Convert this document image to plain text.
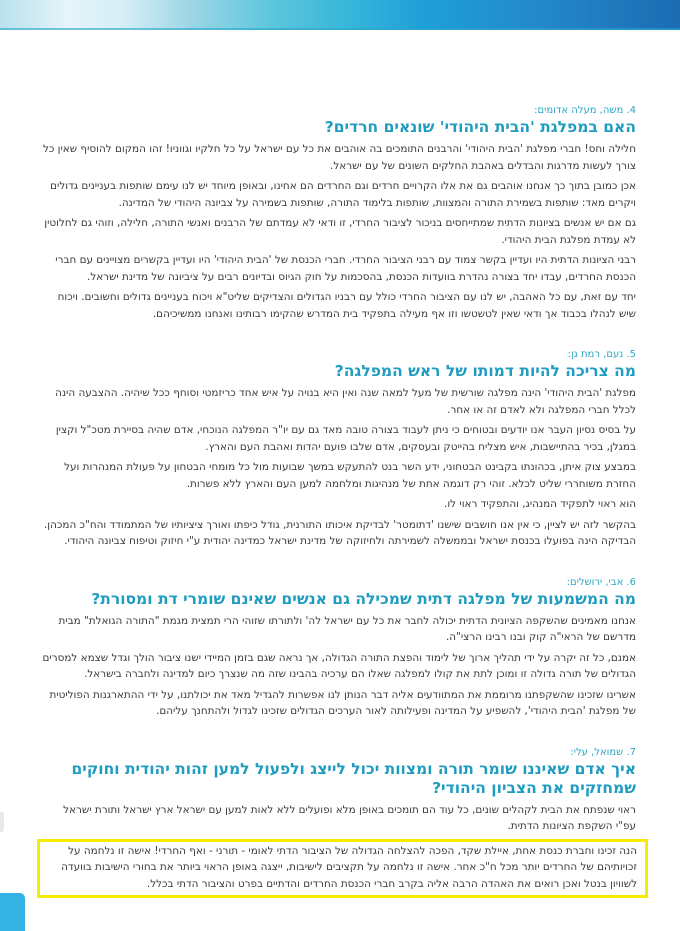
4. משה, מעלה אדומים:
האם במפלגת 'הבית היהודי' שונאים חרדים?

חלילה וחס! חברי מפלגת 'הבית היהודי' והרבנים התומכים בה אוהבים את כל עם ישראל על כל חלקיו וגווניו! זהו המקום להוסיף שאין כל צורך לעשות מדרגות והבדלים באהבת החלקים השונים של עם ישראל.

אכן כמובן בתוך כך אנחנו אוהבים גם את אלו הקרויים חרדים וגם החרדים הם אחינו, ובאופן מיוחד יש לנו עימם שותפות בעניינים גדולים ויקרים מאד: שותפות בשמירת התורה והמצוות, שותפות בלימוד התורה, שותפות בשמירה על צביונה היהודי של המדינה.

גם אם יש אנשים בציונות הדתית שמתייחסים בניכור לציבור החרדי, זו ודאי לא עמדתם של הרבנים ואנשי התורה, חלילה, וזוהי גם לחלוטין לא עמדת מפלגת הבית היהודי.

רבני הציונות הדתית היו ועדיין בקשר צמוד עם רבני הציבור החרדי. חברי הכנסת של 'הבית היהודי' היו ועדיין בקשרים מצויינים עם חברי הכנסת החרדים, עבדו יחד בצורה נהדרת בוועדות הכנסת, בהסכמות על חוק הגיוס ובדיונים רבים על ציביונה של מדינת ישראל.

יחד עם זאת, עם כל האהבה, יש לנו עם הציבור החרדי כולל עם רבניו הגדולים והצדיקים שליט"א ויכוח בעניינים גדולים וחשובים. ויכוח שיש לנהלו בכבוד אך ודאי שאין לטשטשו וזו אף מעילה בתפקיד בית המדרש שהקימו רבותינו ואנחנו ממשיכיהם.

5. נעם, רמת גן:
מה צריכה להיות דמותו של ראש המפלגה?

מפלגת 'הבית היהודי' הינה מפלגה שורשית של מעל למאה שנה ואין היא בנויה על איש אחד כריזמטי וסוחף ככל שיהיה. ההצבעה הינה לכלל חברי המפלגה ולא לאדם זה או אחר.

על בסיס נסיון העבר אנו יודעים ובטוחים כי ניתן לעבוד בצורה טובה מאד גם עם יו"ר המפלגה הנוכחי, אדם שהיה בסיירת מטכ"ל וקצין במגלן, בכיר בהתיישבות, איש מצליח בהייטק ובעסקים, אדם שלבו פועם יהדות ואהבת העם והארץ.

במבצע צוק איתן, בכהונתו בקבינט הבטחוני, ידע השר בנט להתעקש במשך שבועות מול כל מומחי הבטחון על פעולת המנהרות ועל החזרת משוחררי שליט לכלא. זוהי רק דוגמה אחת של מנהיגות ומלחמה למען העם והארץ ללא פשרות.

הוא ראוי לתפקיד המנהיג, והתפקיד ראוי לו.

בהקשר לזה יש לציין, כי אין אנו חושבים שישנו 'דתומטר' לבדיקת איכותו התורנית, גודל כיפתו ואורך ציציותיו של המתמודד והח"כ המכהן. הבדיקה הינה בפועלו בכנסת ישראל ובממשלה לשמירתה ולחיזוקה של מדינת ישראל כמדינה יהודית ע"י חיזוק וטיפוח צביונה היהודי.

6. אבי, ירושלים:
מה המשמעות של מפלגה דתית שמכילה גם אנשים שאינם שומרי דת ומסורת?

אנחנו מאמינים שהשקפה הציונית הדתית יכולה לחבר את כל עם ישראל לה' ולתורתו שזוהי הרי תמצית מגמת "התורה הגואלת" מבית מדרשם של הראי"ה קוק ובנו רבינו הרצי"ה.

אמנם, כל זה יקרה על ידי תהליך ארוך של לימוד והפצת התורה הגדולה, אך נראה שגם בזמן המיידי ישנו ציבור הולך וגדל שצמא למסרים הגדולים של תורה גדולה זו ומוכן לתת את קולו למפלגה שאלו הם ערכיה בהבינו שזה מה שנצרך כיום למדינה ולחברה בישראל.

אשרינו שזכינו שהשקפתנו מרוממת את המתוודעים אליה דבר הנותן לנו אפשרות להגדיל מאד את יכולתנו, על ידי ההתארגנות הפוליטית של מפלגת 'הבית היהודי', להשפיע על המדינה ופעילותה לאור הערכים הגדולים שזכינו לגדול ולהתחנך עליהם.

7. שמואל, עלי:
איך אדם שאיננו שומר תורה ומצוות יכול לייצג ולפעול למען זהות יהודית וחוקים שמחזקים את הצביון היהודי?

ראוי שנפתח את הבית לקהלים שונים, כל עוד הם תומכים באופן מלא ופועלים ללא לאות למען עם ישראל ארץ ישראל ותורת ישראל עפ"י השקפת הציונות הדתית.

הנה זכינו וחברת כנסת אחת, איילת שקד, הפכה להצלחה הגדולה של הציבור הדתי לאומי - תורני - ואף החרדי! אישה זו נלחמה על זכויותיהם של החרדים יותר מכל ח"כ אחר. אישה זו נלחמה על תקציבים לישיבות, ייצגה באופן הראוי ביותר את בחורי הישיבות בוועדה לשוויון בנטל ואכן רואים את האהדה הרבה אליה בקרב חברי הכנסת החרדים והדתיים בפרט והציבור הדתי בכלל.
